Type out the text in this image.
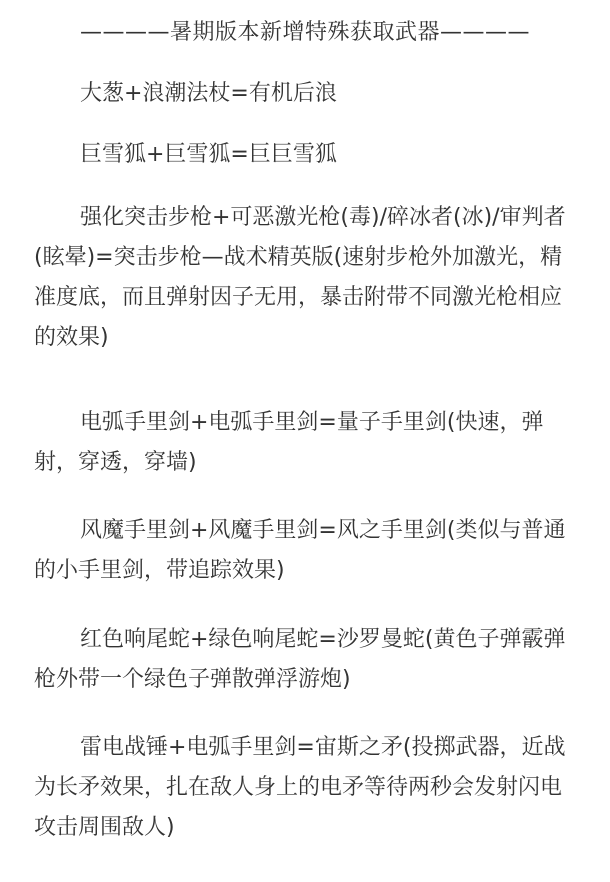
————暑期版本新增特殊获取武器————

大葱+浪潮法杖=有机后浪

巨雪狐+巨雪狐=巨巨雪狐

强化突击步枪+可恶激光枪(毒)/碎冰者(冰)/审判者(眩晕)=突击步枪—战术精英版(速射步枪外加激光，精准度底，而且弹射因子无用，暴击附带不同激光枪相应的效果)

电弧手里剑+电弧手里剑=量子手里剑(快速，弹射，穿透，穿墙)

风魔手里剑+风魔手里剑=风之手里剑(类似与普通的小手里剑，带追踪效果)

红色响尾蛇+绿色响尾蛇=沙罗曼蛇(黄色子弹霰弹枪外带一个绿色子弹散弹浮游炮)

雷电战锤+电弧手里剑=宙斯之矛(投掷武器，近战为长矛效果，扎在敌人身上的电矛等待两秒会发射闪电攻击周围敌人)
